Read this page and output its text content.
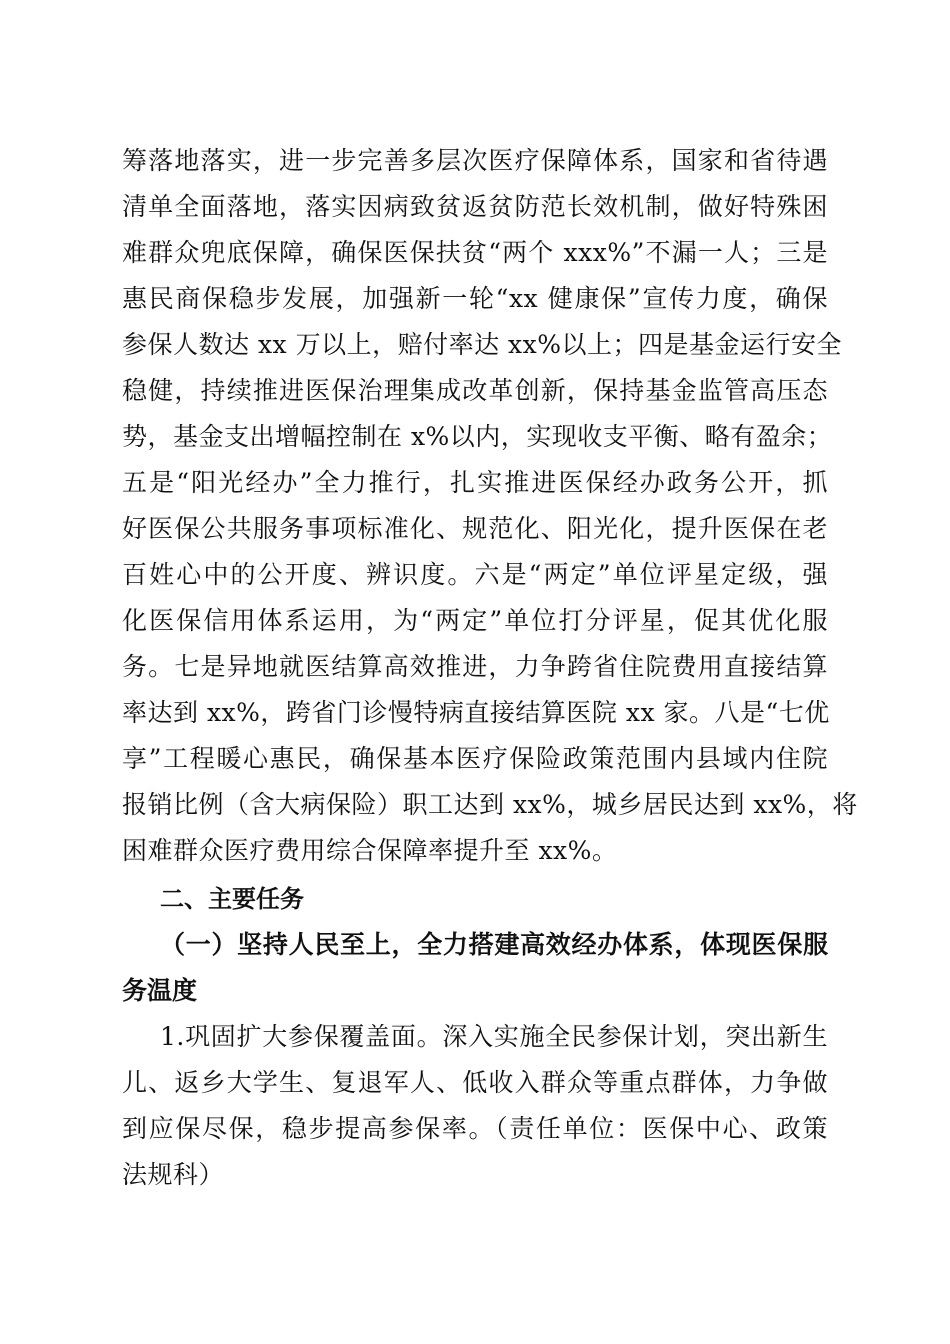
筹落地落实，进一步完善多层次医疗保障体系，国家和省待遇
清单全面落地，落实因病致贫返贫防范长效机制，做好特殊困
难群众兜底保障，确保医保扶贫“两个 xxx%”不漏一人；三是
惠民商保稳步发展，加强新一轮“xx 健康保”宣传力度，确保
参保人数达 xx 万以上，赔付率达 xx%以上；四是基金运行安全
稳健，持续推进医保治理集成改革创新，保持基金监管高压态
势，基金支出增幅控制在 x%以内，实现收支平衡、略有盈余；
五是“阳光经办”全力推行，扎实推进医保经办政务公开，抓
好医保公共服务事项标准化、规范化、阳光化，提升医保在老
百姓心中的公开度、辨识度。六是“两定”单位评星定级，强
化医保信用体系运用，为“两定”单位打分评星，促其优化服
务。七是异地就医结算高效推进，力争跨省住院费用直接结算
率达到 xx%，跨省门诊慢特病直接结算医院 xx 家。八是“七优
享”工程暖心惠民，确保基本医疗保险政策范围内县域内住院
报销比例（含大病保险）职工达到 xx%，城乡居民达到 xx%，将
困难群众医疗费用综合保障率提升至 xx%。
二、主要任务
（一）坚持人民至上，全力搭建高效经办体系，体现医保服
务温度
1.巩固扩大参保覆盖面。深入实施全民参保计划，突出新生
儿、返乡大学生、复退军人、低收入群众等重点群体，力争做
到应保尽保，稳步提高参保率。（责任单位：医保中心、政策
法规科）
